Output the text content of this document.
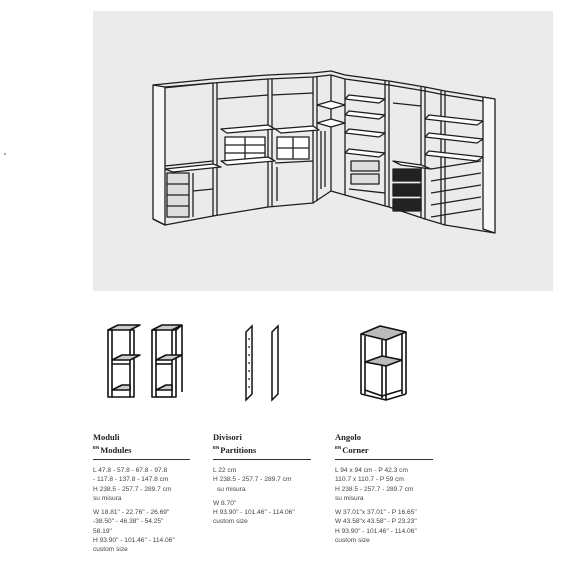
Moduli
$^{EN}$Modules
L 47.8 - 57.8 - 67.8 - 97.8
- 117.8 - 137.8 - 147.8 cm
H 238.5 - 257.7 - 289.7 cm
su misura
W 18.81" - 22.76" - 26.69"
-38.50" - 46.38" - 54.25"
58.19"
H 93.90" - 101.46" - 114.06"
custom size
Divisori
$^{EN}$Partitions
L 22 cm
H 238.5 - 257.7 - 289.7 cm
su misura
W 8.70"
H 93.90" - 101.46" - 114.06"
custom size
Angolo
$^{EN}$Corner
L 94 x 94 cm - P 42.3 cm
110.7 x 110.7 - P 59 cm
H 238.5 - 257.7 - 289.7 cm
su misura
W 37.01"x 37.01" - P 16.65"
W 43.58"x 43.58" - P 23.23"
H 93.90" - 101.46" - 114.06"
custom size
